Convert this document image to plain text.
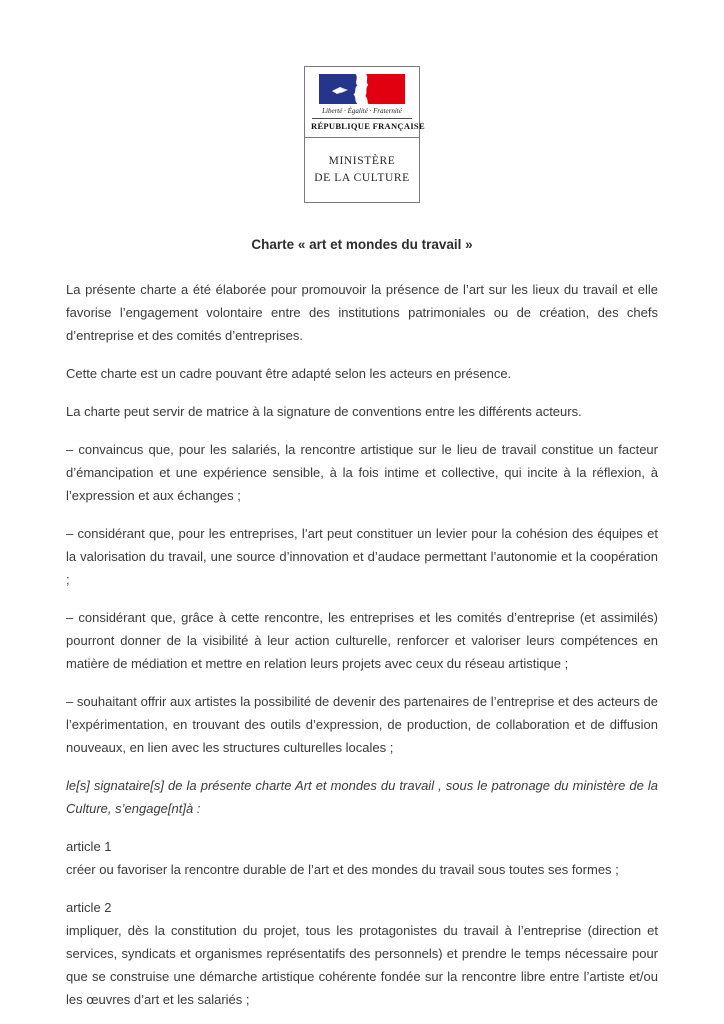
Liberté · Égalité · Fraternité
RÉPUBLIQUE FRANÇAISE
MINISTÈRE
DE LA CULTURE
Charte « art et mondes du travail »

La présente charte a été élaborée pour promouvoir la présence de l’art sur les lieux du travail et elle favorise l’engagement volontaire entre des institutions patrimoniales ou de création, des chefs d’entreprise et des comités d’entreprises.

Cette charte est un cadre pouvant être adapté selon les acteurs en présence.

La charte peut servir de matrice à la signature de conventions entre les différents acteurs.

– convaincus que, pour les salariés, la rencontre artistique sur le lieu de travail constitue un facteur d’émancipation et une expérience sensible, à la fois intime et collective, qui incite à la réflexion, à l’expression et aux échanges ;

– considérant que, pour les entreprises, l’art peut constituer un levier pour la cohésion des équipes et la valorisation du travail, une source d’innovation et d’audace permettant l’autonomie et la coopération ;

– considérant que, grâce à cette rencontre, les entreprises et les comités d’entreprise (et assimilés) pourront donner de la visibilité à leur action culturelle, renforcer et valoriser leurs compétences en matière de médiation et mettre en relation leurs projets avec ceux du réseau artistique ;

– souhaitant offrir aux artistes la possibilité de devenir des partenaires de l’entreprise et des acteurs de l’expérimentation, en trouvant des outils d’expression, de production, de collaboration et de diffusion nouveaux, en lien avec les structures culturelles locales ;

le[s] signataire[s] de la présente charte Art et mondes du travail , sous le patronage du ministère de la Culture, s’engage[nt]à :

article 1
créer ou favoriser la rencontre durable de l’art et des mondes du travail sous toutes ses formes ;
article 2
impliquer, dès la constitution du projet, tous les protagonistes du travail à l’entreprise (direction et services, syndicats et organismes représentatifs des personnels) et prendre le temps nécessaire pour que se construise une démarche artistique cohérente fondée sur la rencontre libre entre l’artiste et/ou les œuvres d’art et les salariés ;
